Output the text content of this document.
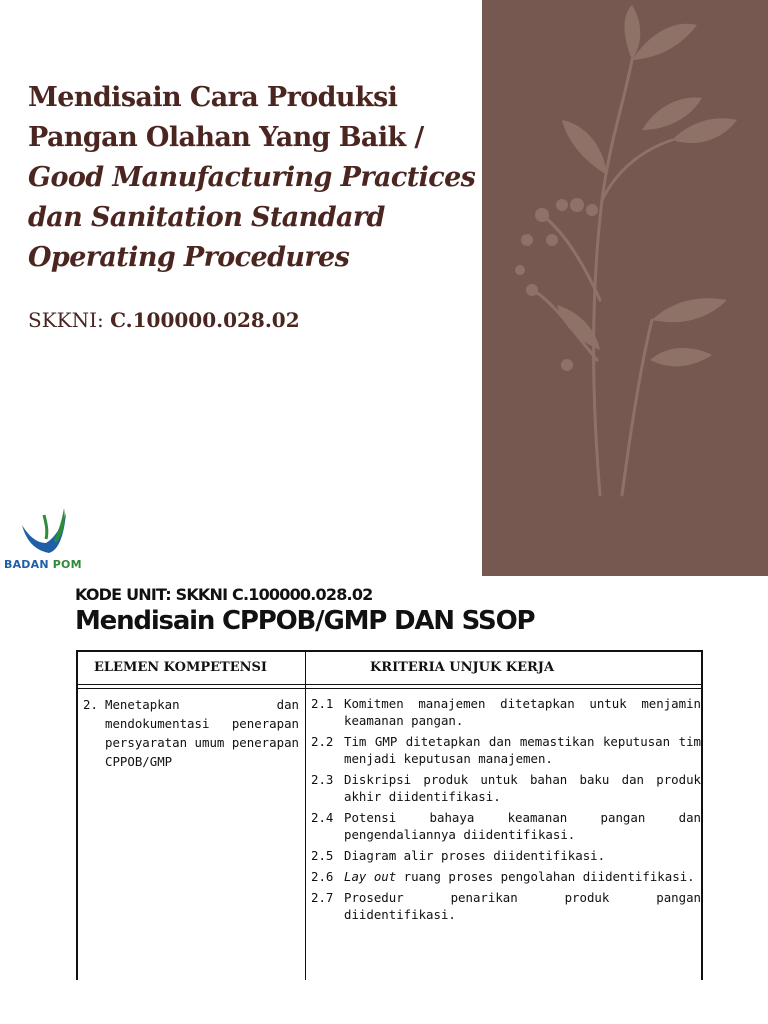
Mendisain Cara Produksi
Pangan Olahan Yang Baik /
Good Manufacturing Practices
dan Sanitation Standard
Operating Procedures
SKKNI: C.100000.028.02
BADAN POM
KODE UNIT: SKKNI C.100000.028.02
Mendisain CPPOB/GMP DAN SSOP
ELEMEN KOMPETENSI	KRITERIA UNJUK KERJA
2. Menetapkan dan mendokumentasi penerapan persyaratan umum penerapan CPPOB/GMP
2.1 Komitmen manajemen ditetapkan untuk menjamin keamanan pangan.
2.2 Tim GMP ditetapkan dan memastikan keputusan tim menjadi keputusan manajemen.
2.3 Diskripsi produk untuk bahan baku dan produk akhir diidentifikasi.
2.4 Potensi bahaya keamanan pangan dan pengendaliannya diidentifikasi.
2.5 Diagram alir proses diidentifikasi.
2.6 Lay out ruang proses pengolahan diidentifikasi.
2.7 Prosedur penarikan produk pangan diidentifikasi.
